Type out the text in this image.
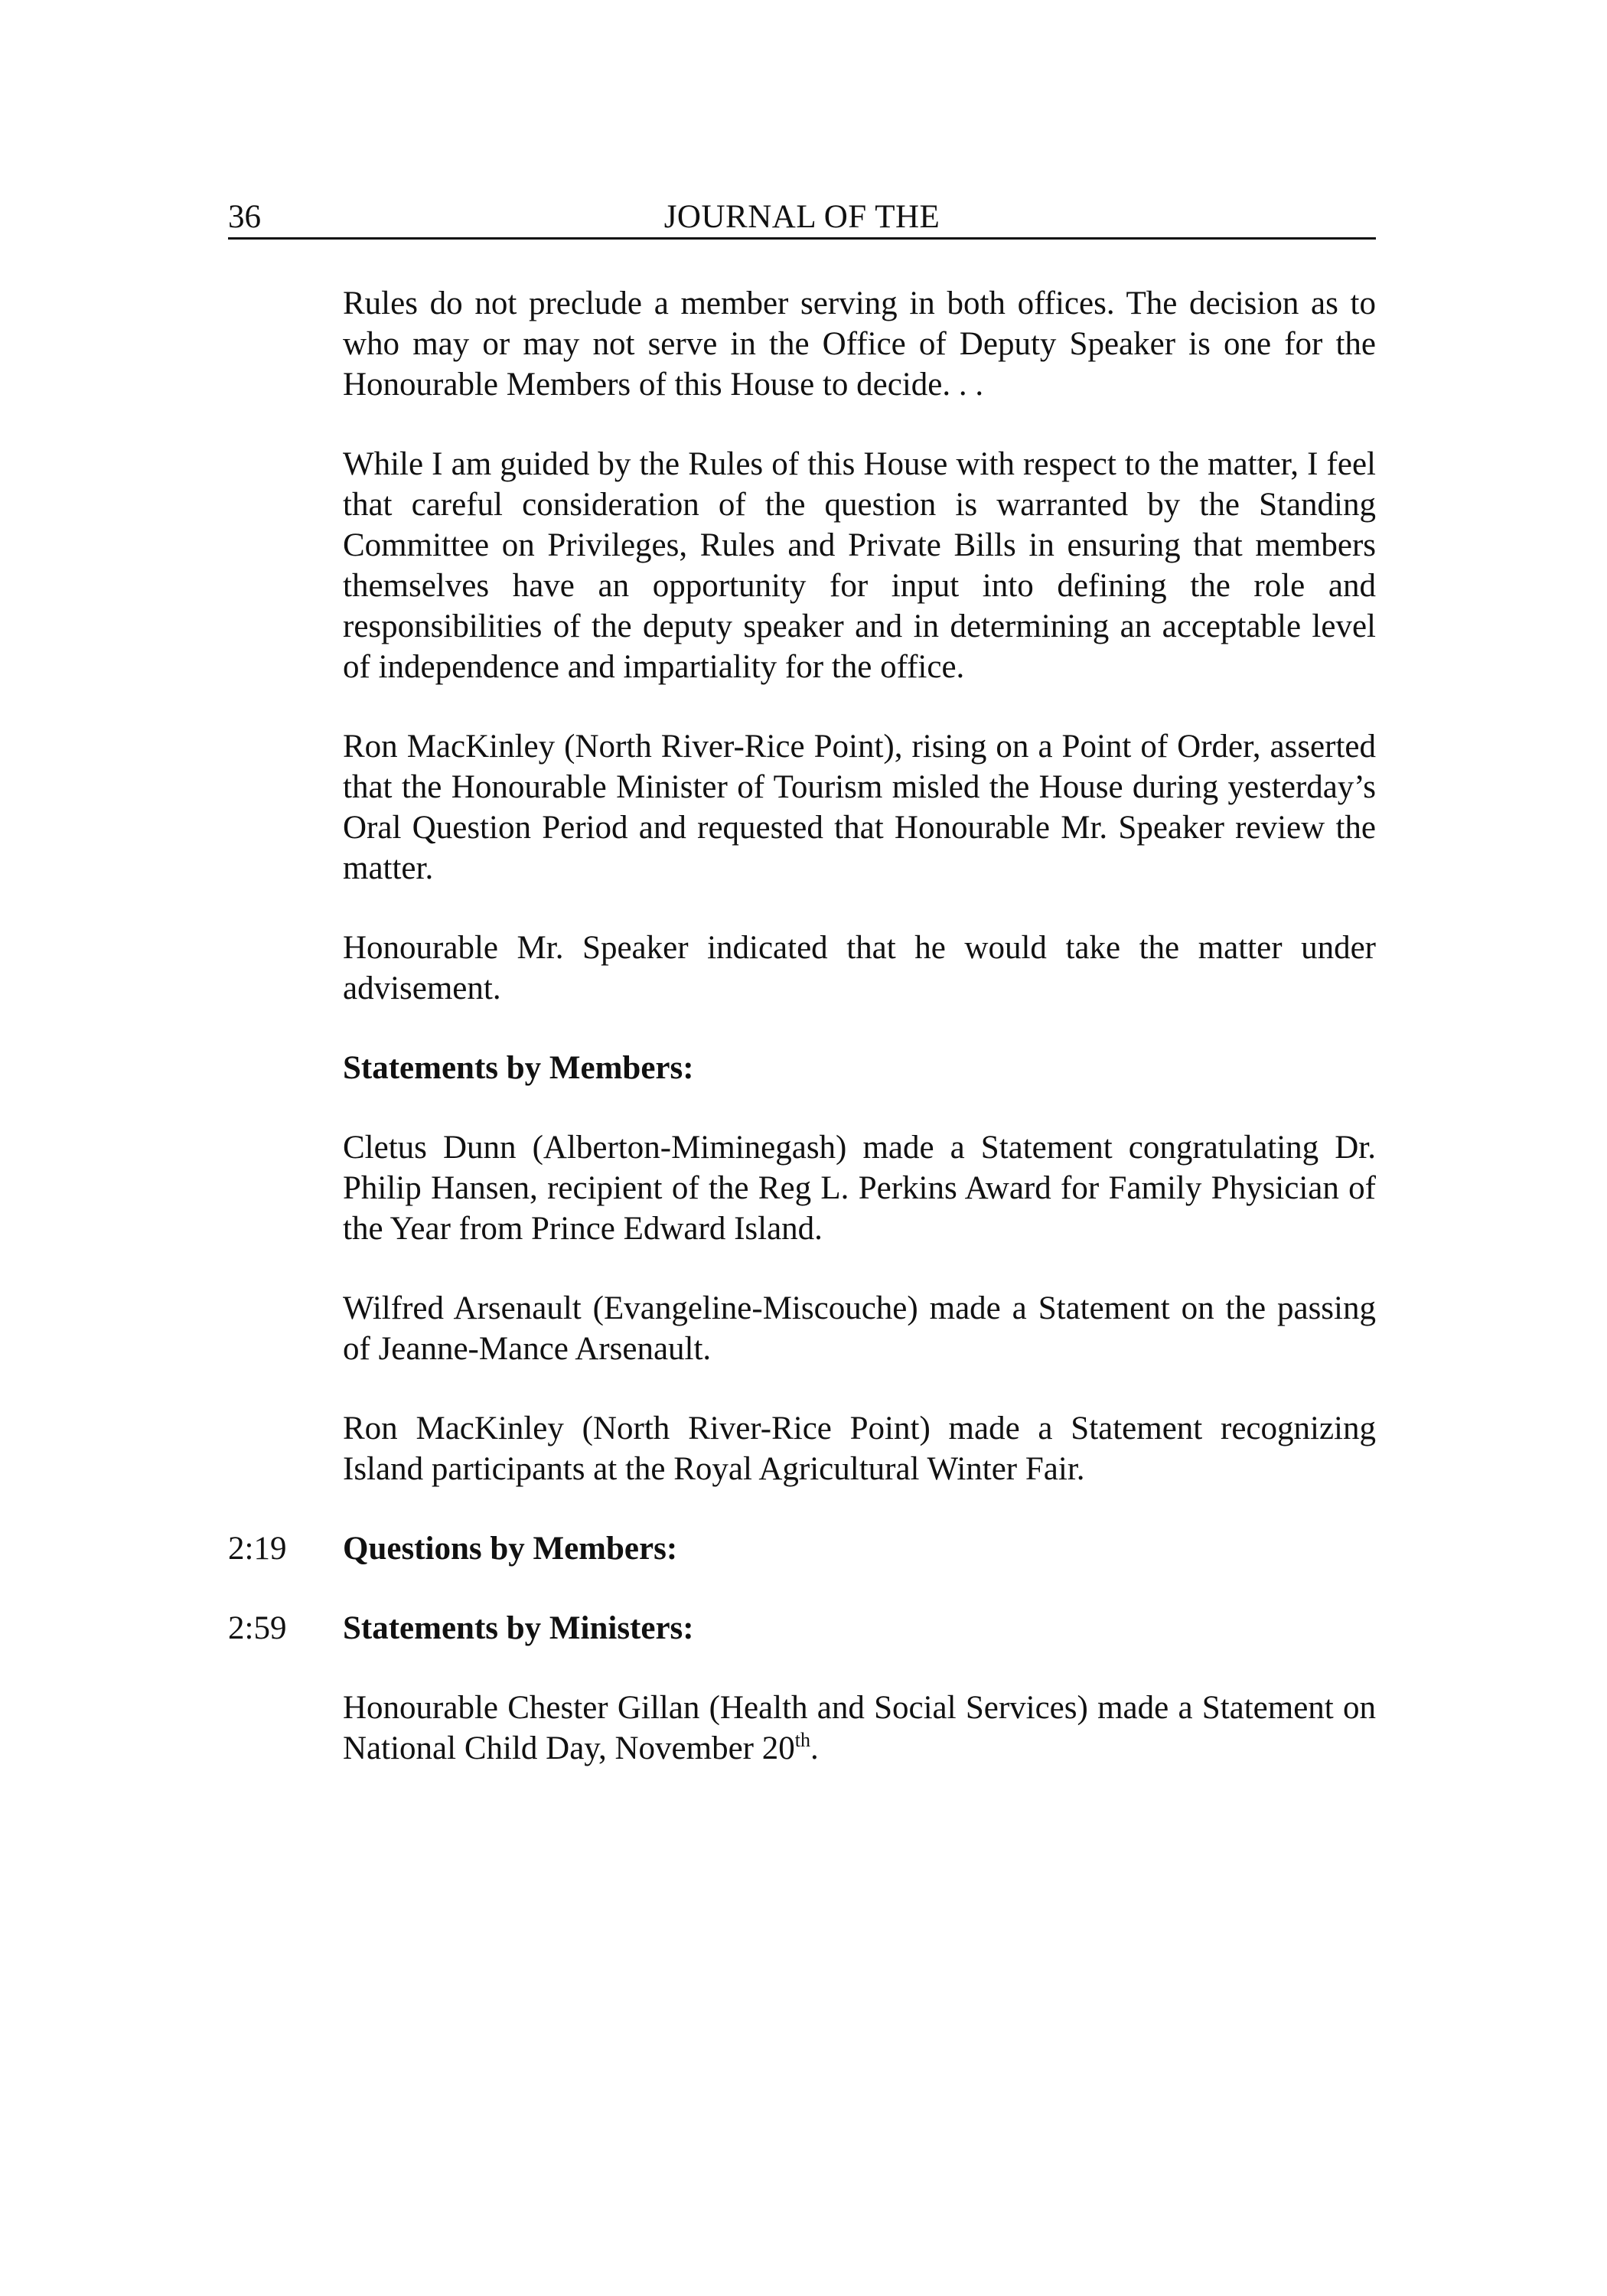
36	JOURNAL OF THE

Rules do not preclude a member serving in both offices. The decision as to who may or may not serve in the Office of Deputy Speaker is one for the Honourable Members of this House to decide. . .

While I am guided by the Rules of this House with respect to the matter, I feel that careful consideration of the question is warranted by the Standing Committee on Privileges, Rules and Private Bills in ensuring that members themselves have an opportunity for input into defining the role and responsibilities of the deputy speaker and in determining an acceptable level of independence and impartiality for the office.

Ron MacKinley (North River-Rice Point), rising on a Point of Order, asserted that the Honourable Minister of Tourism misled the House during yesterday’s Oral Question Period and requested that Honourable Mr. Speaker review the matter.

Honourable Mr. Speaker indicated that he would take the matter under advisement.

Statements by Members:

Cletus Dunn (Alberton-Miminegash) made a Statement congratulating Dr. Philip Hansen, recipient of the Reg L. Perkins Award for Family Physician of the Year from Prince Edward Island.

Wilfred Arsenault (Evangeline-Miscouche) made a Statement on the passing of Jeanne-Mance Arsenault.

Ron MacKinley (North River-Rice Point) made a Statement recognizing Island participants at the Royal Agricultural Winter Fair.

2:19 Questions by Members:
2:59 Statements by Ministers:

Honourable Chester Gillan (Health and Social Services) made a Statement on National Child Day, November 20th.
